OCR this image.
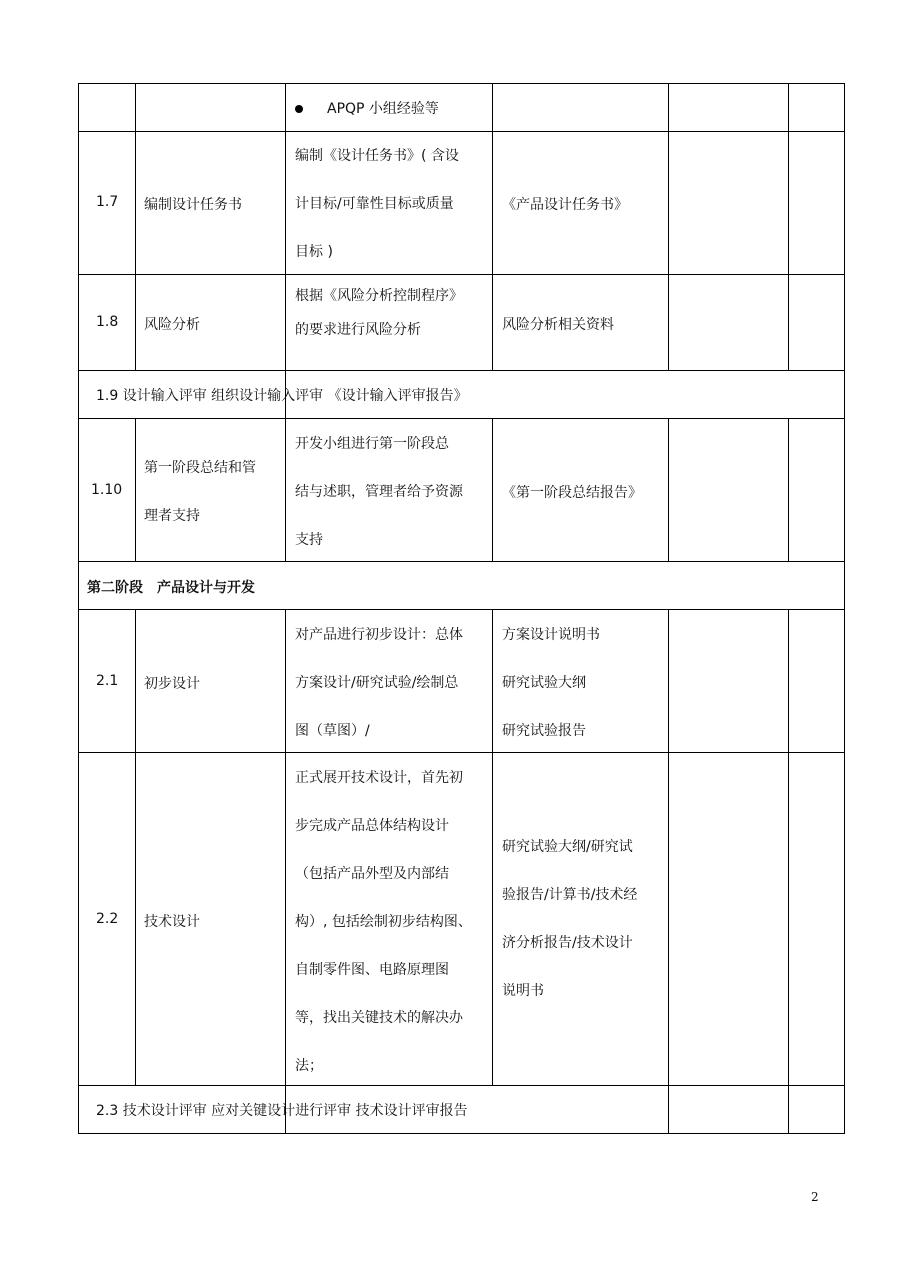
APQP 小组经验等
1.7 编制设计任务书
编制《设计任务书》( 含设
计目标/可靠性目标或质量
目标 )
《产品设计任务书》
1.8 风险分析
根据《风险分析控制程序》
的要求进行风险分析	风险分析相关资料
1.9 设计输入评审 组织设计输入评审 《设计输入评审报告》
1.10
第一阶段总结和管
理者支持
开发小组进行第一阶段总
结与述职，管理者给予资源
支持
《第一阶段总结报告》
第二阶段　产品设计与开发
2.1 初步设计
对产品进行初步设计：总体
方案设计/研究试验/绘制总
图（草图）/
方案设计说明书
研究试验大纲
研究试验报告
2.2 技术设计
正式展开技术设计，首先初
步完成产品总体结构设计
（包括产品外型及内部结
构）, 包括绘制初步结构图、
自制零件图、电路原理图
等，找出关键技术的解决办
法；
研究试验大纲/研究试
验报告/计算书/技术经
济分析报告/技术设计
说明书
2.3 技术设计评审 应对关键设计进行评审 技术设计评审报告
2
